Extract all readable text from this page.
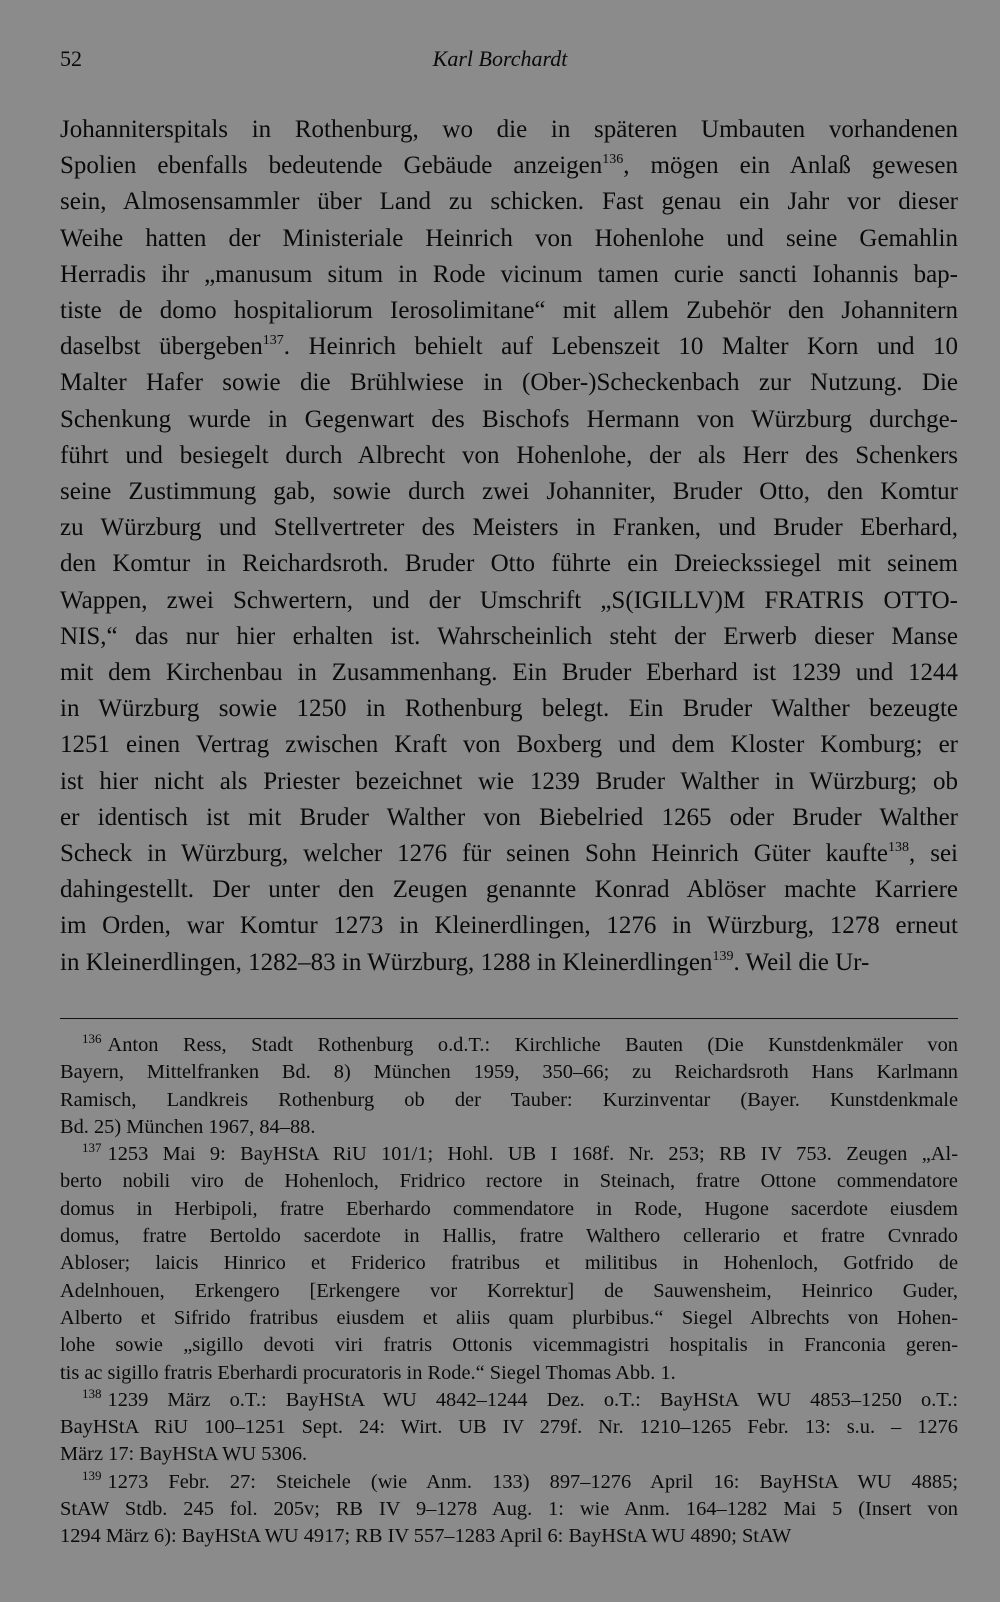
52	Karl Borchardt
Johanniterspitals in Rothenburg, wo die in späteren Umbauten vorhandenen
Spolien ebenfalls bedeutende Gebäude anzeigen$^{136}$, mögen ein Anlaß gewesen
sein, Almosensammler über Land zu schicken. Fast genau ein Jahr vor dieser
Weihe hatten der Ministeriale Heinrich von Hohenlohe und seine Gemahlin
Herradis ihr „manusum situm in Rode vicinum tamen curie sancti Iohannis bap-
tiste de domo hospitaliorum Ierosolimitane“ mit allem Zubehör den Johannitern
daselbst übergeben$^{137}$. Heinrich behielt auf Lebenszeit 10 Malter Korn und 10
Malter Hafer sowie die Brühlwiese in (Ober-)Scheckenbach zur Nutzung. Die
Schenkung wurde in Gegenwart des Bischofs Hermann von Würzburg durchge-
führt und besiegelt durch Albrecht von Hohenlohe, der als Herr des Schenkers
seine Zustimmung gab, sowie durch zwei Johanniter, Bruder Otto, den Komtur
zu Würzburg und Stellvertreter des Meisters in Franken, und Bruder Eberhard,
den Komtur in Reichardsroth. Bruder Otto führte ein Dreieckssiegel mit seinem
Wappen, zwei Schwertern, und der Umschrift „S(IGILLV)M FRATRIS OTTO-
NIS,“ das nur hier erhalten ist. Wahrscheinlich steht der Erwerb dieser Manse
mit dem Kirchenbau in Zusammenhang. Ein Bruder Eberhard ist 1239 und 1244
in Würzburg sowie 1250 in Rothenburg belegt. Ein Bruder Walther bezeugte
1251 einen Vertrag zwischen Kraft von Boxberg und dem Kloster Komburg; er
ist hier nicht als Priester bezeichnet wie 1239 Bruder Walther in Würzburg; ob
er identisch ist mit Bruder Walther von Biebelried 1265 oder Bruder Walther
Scheck in Würzburg, welcher 1276 für seinen Sohn Heinrich Güter kaufte$^{138}$, sei
dahingestellt. Der unter den Zeugen genannte Konrad Ablöser machte Karriere
im Orden, war Komtur 1273 in Kleinerdlingen, 1276 in Würzburg, 1278 erneut
in Kleinerdlingen, 1282–83 in Würzburg, 1288 in Kleinerdlingen$^{139}$. Weil die Ur-
$^{136}$ Anton Ress, Stadt Rothenburg o.d.T.: Kirchliche Bauten (Die Kunstdenkmäler von
Bayern, Mittelfranken Bd. 8) München 1959, 350–66; zu Reichardsroth Hans Karlmann
Ramisch, Landkreis Rothenburg ob der Tauber: Kurzinventar (Bayer. Kunstdenkmale
Bd. 25) München 1967, 84–88.
$^{137}$ 1253 Mai 9: BayHStA RiU 101/1; Hohl. UB I 168f. Nr. 253; RB IV 753. Zeugen „Al-
berto nobili viro de Hohenloch, Fridrico rectore in Steinach, fratre Ottone commendatore
domus in Herbipoli, fratre Eberhardo commendatore in Rode, Hugone sacerdote eiusdem
domus, fratre Bertoldo sacerdote in Hallis, fratre Walthero cellerario et fratre Cvnrado
Abloser; laicis Hinrico et Friderico fratribus et militibus in Hohenloch, Gotfrido de
Adelnhouen, Erkengero [Erkengere vor Korrektur] de Sauwensheim, Heinrico Guder,
Alberto et Sifrido fratribus eiusdem et aliis quam plurbibus.“ Siegel Albrechts von Hohen-
lohe sowie „sigillo devoti viri fratris Ottonis vicemmagistri hospitalis in Franconia geren-
tis ac sigillo fratris Eberhardi procuratoris in Rode.“ Siegel Thomas Abb. 1.
$^{138}$ 1239 März o.T.: BayHStA WU 4842–1244 Dez. o.T.: BayHStA WU 4853–1250 o.T.:
BayHStA RiU 100–1251 Sept. 24: Wirt. UB IV 279f. Nr. 1210–1265 Febr. 13: s.u. – 1276
März 17: BayHStA WU 5306.
$^{139}$ 1273 Febr. 27: Steichele (wie Anm. 133) 897–1276 April 16: BayHStA WU 4885;
StAW Stdb. 245 fol. 205v; RB IV 9–1278 Aug. 1: wie Anm. 164–1282 Mai 5 (Insert von
1294 März 6): BayHStA WU 4917; RB IV 557–1283 April 6: BayHStA WU 4890; StAW
